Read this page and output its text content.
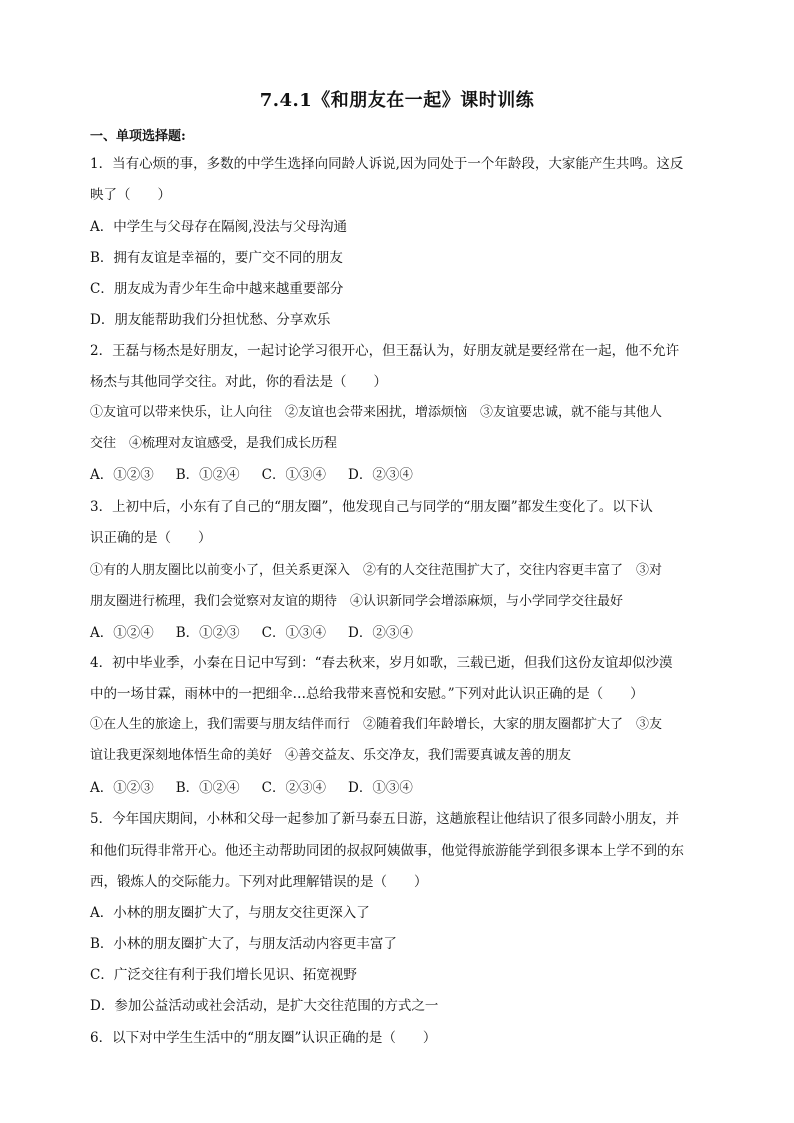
7.4.1《和朋友在一起》课时训练
一、单项选择题:
1．当有心烦的事，多数的中学生选择向同龄人诉说,因为同处于一个年龄段，大家能产生共鸣。这反
映了（　　）
A．中学生与父母存在隔阂,没法与父母沟通
B．拥有友谊是幸福的，要广交不同的朋友
C．朋友成为青少年生命中越来越重要部分
D．朋友能帮助我们分担忧愁、分享欢乐
2．王磊与杨杰是好朋友，一起讨论学习很开心，但王磊认为，好朋友就是要经常在一起，他不允许
杨杰与其他同学交往。对此，你的看法是（　　）
①友谊可以带来快乐，让人向往　②友谊也会带来困扰，增添烦恼　③友谊要忠诚，就不能与其他人
交往　④梳理对友谊感受，是我们成长历程
A．①②③ B．①②④ C．①③④ D．②③④
3．上初中后，小东有了自己的“朋友圈”，他发现自己与同学的“朋友圈”都发生变化了。以下认
识正确的是（　　）
①有的人朋友圈比以前变小了，但关系更深入　②有的人交往范围扩大了，交往内容更丰富了　③对
朋友圈进行梳理，我们会觉察对友谊的期待　④认识新同学会增添麻烦，与小学同学交往最好
A．①②④ B．①②③ C．①③④ D．②③④
4．初中毕业季，小秦在日记中写到：“春去秋来，岁月如歌，三载已逝，但我们这份友谊却似沙漠
中的一场甘霖，雨林中的一把细伞…总给我带来喜悦和安慰。”下列对此认识正确的是（　　）
①在人生的旅途上，我们需要与朋友结伴而行　②随着我们年龄增长，大家的朋友圈都扩大了　③友
谊让我更深刻地体悟生命的美好　④善交益友、乐交净友，我们需要真诚友善的朋友
A．①②③ B．①②④ C．②③④ D．①③④
5．今年国庆期间，小林和父母一起参加了新马泰五日游，这趟旅程让他结识了很多同龄小朋友，并
和他们玩得非常开心。他还主动帮助同团的叔叔阿姨做事，他觉得旅游能学到很多课本上学不到的东
西，锻炼人的交际能力。下列对此理解错误的是（　　）
A．小林的朋友圈扩大了，与朋友交往更深入了
B．小林的朋友圈扩大了，与朋友活动内容更丰富了
C．广泛交往有利于我们增长见识、拓宽视野
D．参加公益活动或社会活动，是扩大交往范围的方式之一
6．以下对中学生生活中的“朋友圈”认识正确的是（　　）
